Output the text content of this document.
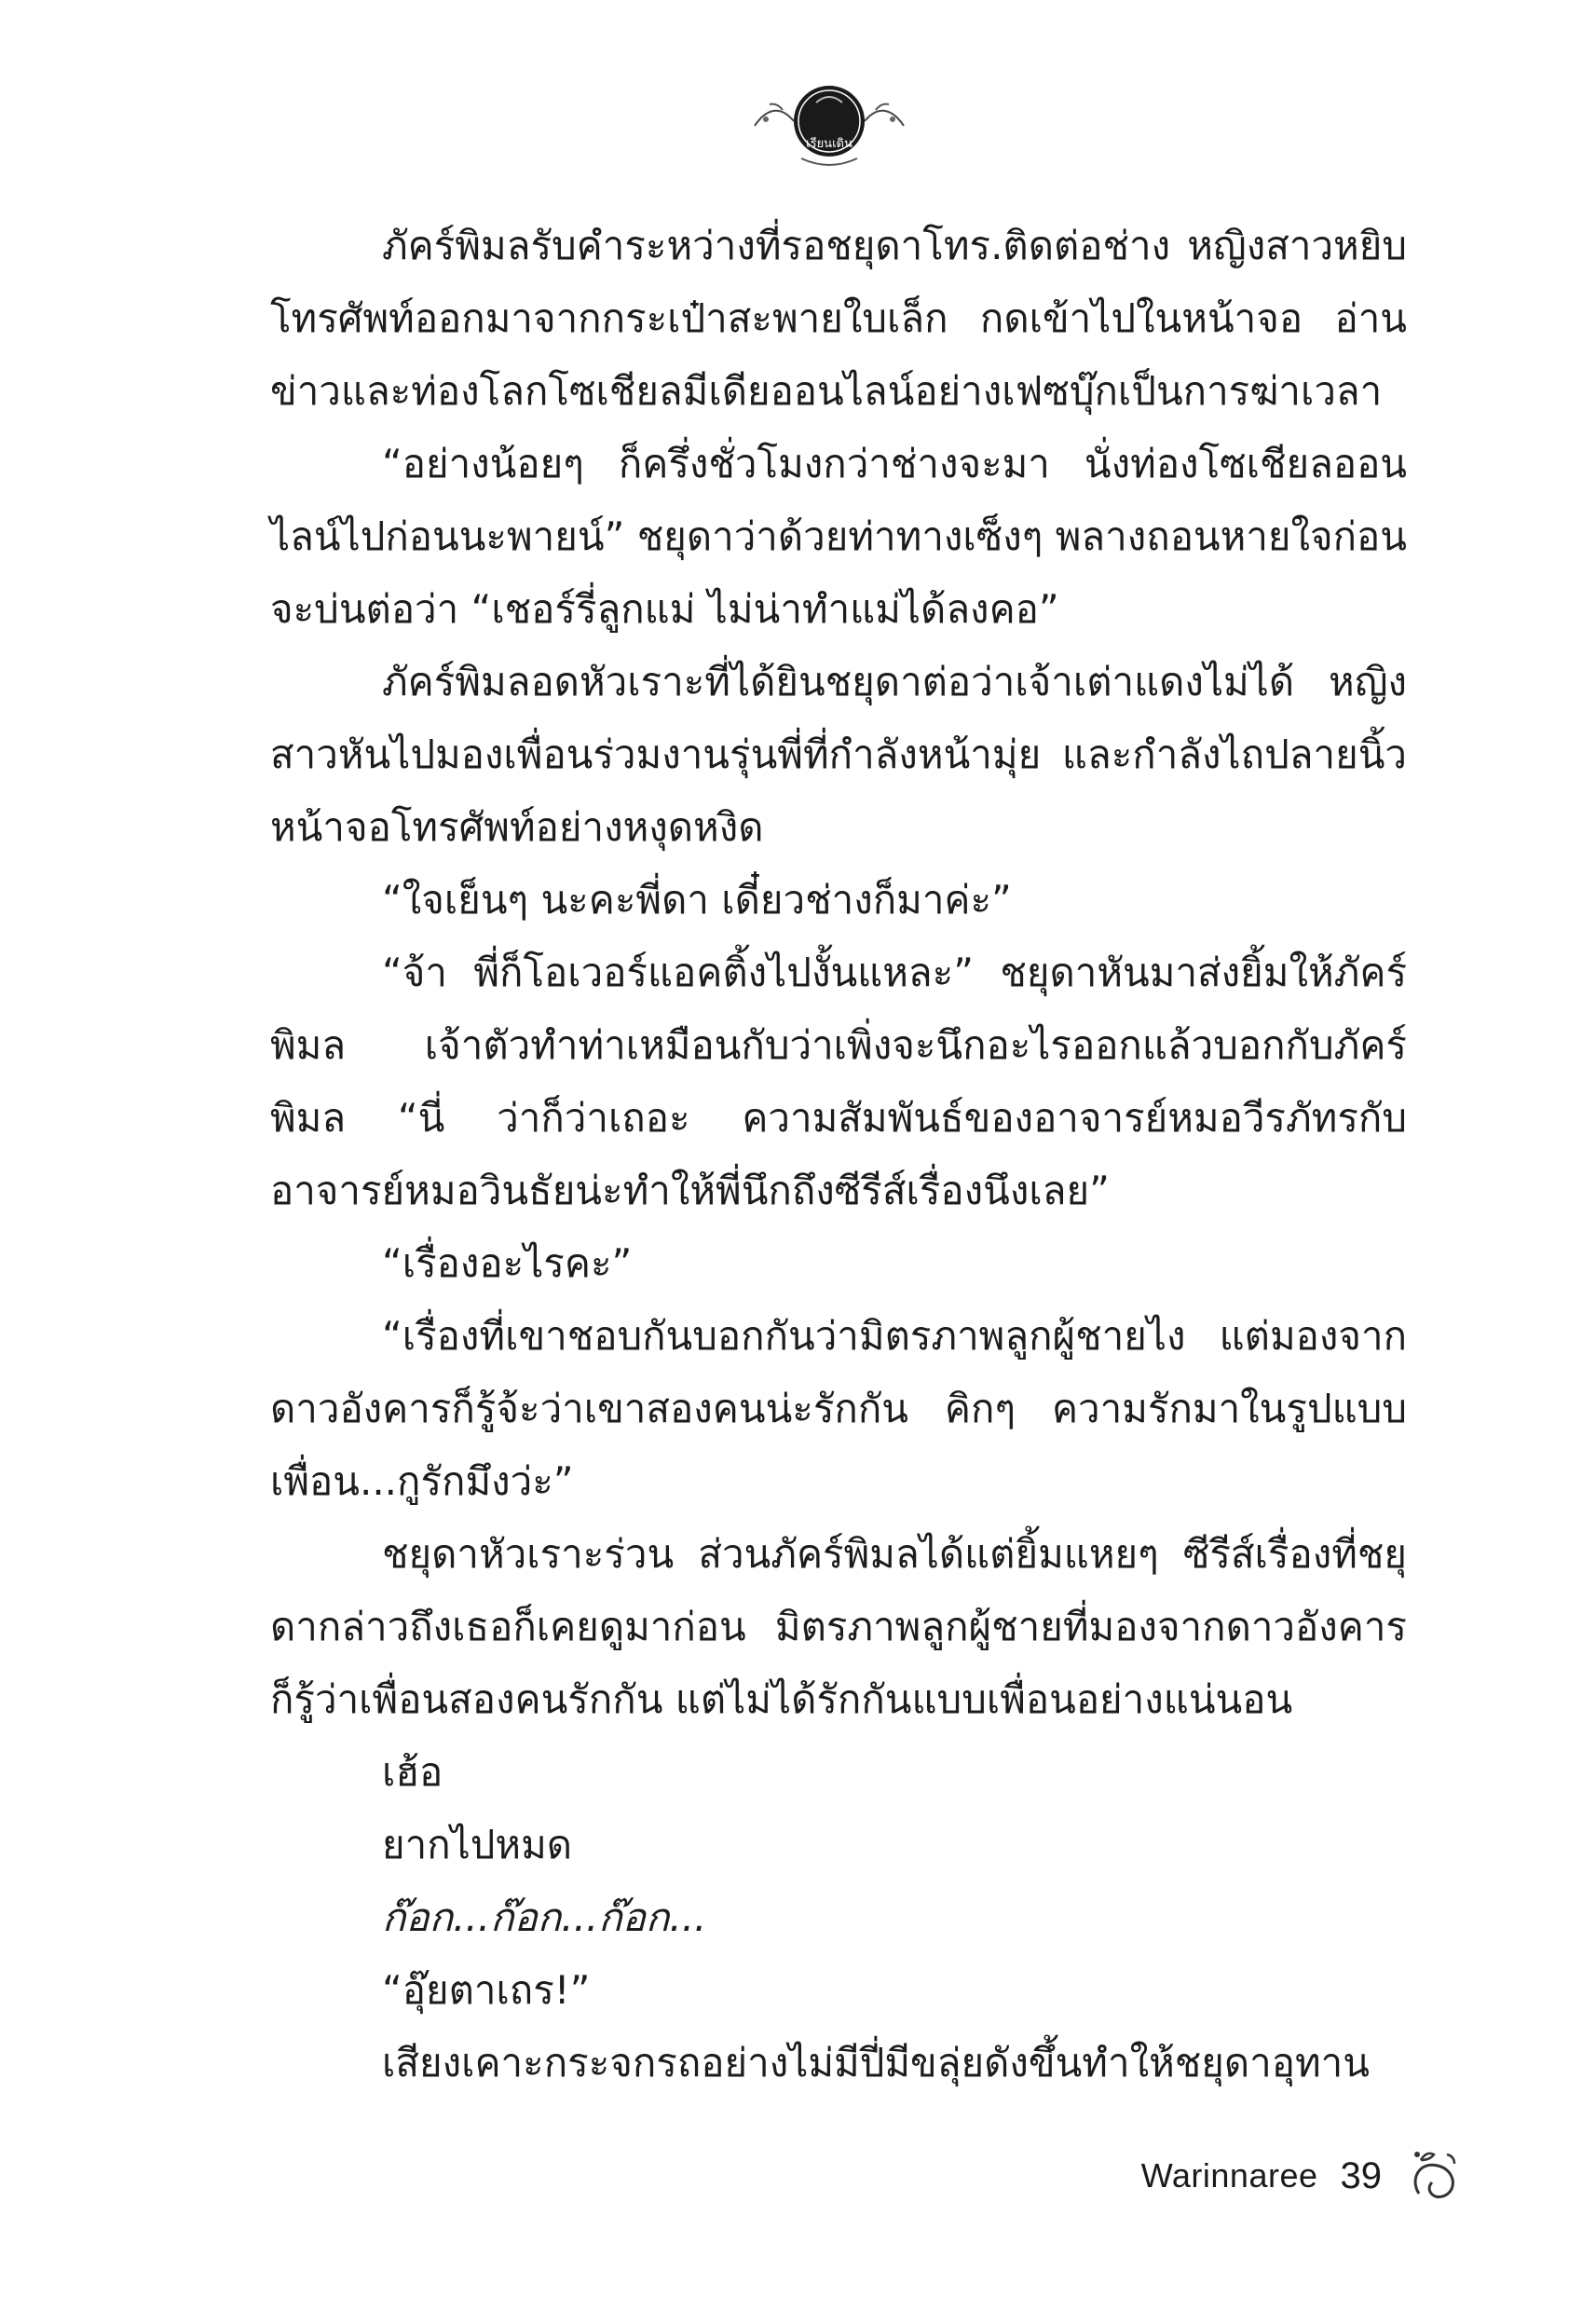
เรียนเดิน
ภัคร์พิมลรับคำระหว่างที่รอชยุดาโทร.ติดต่อช่าง หญิงสาวหยิบโทรศัพท์ออกมาจากกระเป๋าสะพายใบเล็ก กดเข้าไปในหน้าจอ อ่านข่าวและท่องโลกโซเชียลมีเดียออนไลน์อย่างเฟซบุ๊กเป็นการฆ่าเวลา
“อย่างน้อยๆ ก็ครึ่งชั่วโมงกว่าช่างจะมา นั่งท่องโซเชียลออนไลน์ไปก่อนนะพายน์” ชยุดาว่าด้วยท่าทางเซ็งๆ พลางถอนหายใจก่อนจะบ่นต่อว่า “เชอร์รี่ลูกแม่ ไม่น่าทำแม่ได้ลงคอ”
ภัคร์พิมลอดหัวเราะที่ได้ยินชยุดาต่อว่าเจ้าเต่าแดงไม่ได้ หญิงสาวหันไปมองเพื่อนร่วมงานรุ่นพี่ที่กำลังหน้ามุ่ย และกำลังไถปลายนิ้วหน้าจอโทรศัพท์อย่างหงุดหงิด
“ใจเย็นๆ นะคะพี่ดา เดี๋ยวช่างก็มาค่ะ”
“จ้า พี่ก็โอเวอร์แอคติ้งไปงั้นแหละ” ชยุดาหันมาส่งยิ้มให้ภัคร์พิมล เจ้าตัวทำท่าเหมือนกับว่าเพิ่งจะนึกอะไรออกแล้วบอกกับภัคร์พิมล “นี่ ว่าก็ว่าเถอะ ความสัมพันธ์ของอาจารย์หมอวีรภัทรกับอาจารย์หมอวินธัยน่ะทำให้พี่นึกถึงซีรีส์เรื่องนึงเลย”
“เรื่องอะไรคะ”
“เรื่องที่เขาชอบกันบอกกันว่ามิตรภาพลูกผู้ชายไง แต่มองจากดาวอังคารก็รู้จ้ะว่าเขาสองคนน่ะรักกัน คิกๆ ความรักมาในรูปแบบเพื่อน...กูรักมึงว่ะ”
ชยุดาหัวเราะร่วน ส่วนภัคร์พิมลได้แต่ยิ้มแหยๆ ซีรีส์เรื่องที่ชยุดากล่าวถึงเธอก็เคยดูมาก่อน มิตรภาพลูกผู้ชายที่มองจากดาวอังคารก็รู้ว่าเพื่อนสองคนรักกัน แต่ไม่ได้รักกันแบบเพื่อนอย่างแน่นอน
เฮ้อ
ยากไปหมด
ก๊อก...ก๊อก...ก๊อก...
“อุ๊ยตาเถร!”
เสียงเคาะกระจกรถอย่างไม่มีปี่มีขลุ่ยดังขึ้นทำให้ชยุดาอุทาน
Warinnaree 39
